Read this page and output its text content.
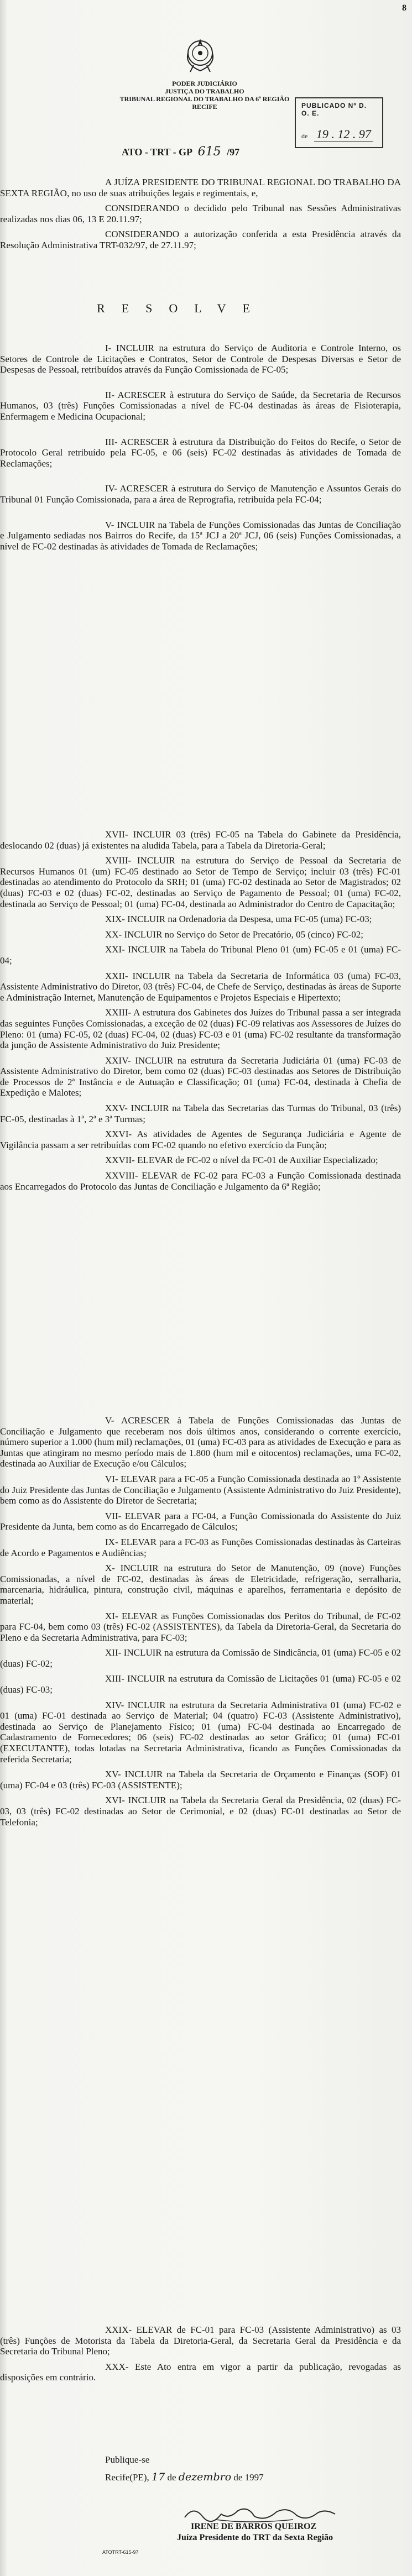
8
PODER JUDICIÁRIO
JUSTIÇA DO TRABALHO
TRIBUNAL REGIONAL DO TRABALHO DA 6ª REGIÃO
RECIFE	PUBLICADO Nº D. O. E.
de 19 . 12 . 97
ATO - TRT - GP 615 /97

A JUÍZA PRESIDENTE DO TRIBUNAL REGIONAL DO TRABALHO DA SEXTA REGIÃO, no uso de suas atribuições legais e regimentais, e,

CONSIDERANDO o decidido pelo Tribunal nas Sessões Administrativas realizadas nos dias 06, 13 E 20.11.97;

CONSIDERANDO a autorização conferida a esta Presidência através da Resolução Administrativa TRT-032/97, de 27.11.97;

RESOLVE

I- INCLUIR na estrutura do Serviço de Auditoria e Controle Interno, os Setores de Controle de Licitações e Contratos, Setor de Controle de Despesas Diversas e Setor de Despesas de Pessoal, retribuídos através da Função Comissionada de FC-05;

II- ACRESCER à estrutura do Serviço de Saúde, da Secretaria de Recursos Humanos, 03 (três) Funções Comissionadas a nível de FC-04 destinadas às áreas de Fisioterapia, Enfermagem e Medicina Ocupacional;

III- ACRESCER à estrutura da Distribuição do Feitos do Recife, o Setor de Protocolo Geral retribuído pela FC-05, e 06 (seis) FC-02 destinadas às atividades de Tomada de Reclamações;

IV- ACRESCER à estrutura do Serviço de Manutenção e Assuntos Gerais do Tribunal 01 Função Comissionada, para a área de Reprografia, retribuída pela FC-04;

V- INCLUIR na Tabela de Funções Comissionadas das Juntas de Conciliação e Julgamento sediadas nos Bairros do Recife, da 15ª JCJ a 20ª JCJ, 06 (seis) Funções Comissionadas, a nível de FC-02 destinadas às atividades de Tomada de Reclamações;

XVII- INCLUIR 03 (três) FC-05 na Tabela do Gabinete da Presidência, deslocando 02 (duas) já existentes na aludida Tabela, para a Tabela da Diretoria-Geral;

XVIII- INCLUIR na estrutura do Serviço de Pessoal da Secretaria de Recursos Humanos 01 (um) FC-05 destinado ao Setor de Tempo de Serviço; incluir 03 (três) FC-01 destinadas ao atendimento do Protocolo da SRH; 01 (uma) FC-02 destinada ao Setor de Magistrados; 02 (duas) FC-03 e 02 (duas) FC-02, destinadas ao Serviço de Pagamento de Pessoal; 01 (uma) FC-02, destinada ao Serviço de Pessoal; 01 (uma) FC-04, destinada ao Administrador do Centro de Capacitação;

XIX- INCLUIR na Ordenadoria da Despesa, uma FC-05 (uma) FC-03;

XX- INCLUIR no Serviço do Setor de Precatório, 05 (cinco) FC-02;

XXI- INCLUIR na Tabela do Tribunal Pleno 01 (um) FC-05 e 01 (uma) FC-04;

XXII- INCLUIR na Tabela da Secretaria de Informática 03 (uma) FC-03, Assistente Administrativo do Diretor, 03 (três) FC-04, de Chefe de Serviço, destinadas às áreas de Suporte e Administração Internet, Manutenção de Equipamentos e Projetos Especiais e Hipertexto;

XXIII- A estrutura dos Gabinetes dos Juízes do Tribunal passa a ser integrada das seguintes Funções Comissionadas, a exceção de 02 (duas) FC-09 relativas aos Assessores de Juízes do Pleno: 01 (uma) FC-05, 02 (duas) FC-04, 02 (duas) FC-03 e 01 (uma) FC-02 resultante da transformação da junção de Assistente Administrativo do Juiz Presidente;

XXIV- INCLUIR na estrutura da Secretaria Judiciária 01 (uma) FC-03 de Assistente Administrativo do Diretor, bem como 02 (duas) FC-03 destinadas aos Setores de Distribuição de Processos de 2ª Instância e de Autuação e Classificação; 01 (uma) FC-04, destinada à Chefia de Expedição e Malotes;

XXV- INCLUIR na Tabela das Secretarias das Turmas do Tribunal, 03 (três) FC-05, destinadas à 1ª, 2ª e 3ª Turmas;

XXVI- As atividades de Agentes de Segurança Judiciária e Agente de Vigilância passam a ser retribuídas com FC-02 quando no efetivo exercício da Função;

XXVII- ELEVAR de FC-02 o nível da FC-01 de Auxiliar Especializado;

XXVIII- ELEVAR de FC-02 para FC-03 a Função Comissionada destinada aos Encarregados do Protocolo das Juntas de Conciliação e Julgamento da 6ª Região;

V- ACRESCER à Tabela de Funções Comissionadas das Juntas de Conciliação e Julgamento que receberam nos dois últimos anos, considerando o corrente exercício, número superior a 1.000 (hum mil) reclamações, 01 (uma) FC-03 para as atividades de Execução e para as Juntas que atingiram no mesmo período mais de 1.800 (hum mil e oitocentos) reclamações, uma FC-02, destinada ao Auxiliar de Execução e/ou Cálculos;

VI- ELEVAR para a FC-05 a Função Comissionada destinada ao 1º Assistente do Juiz Presidente das Juntas de Conciliação e Julgamento (Assistente Administrativo do Juiz Presidente), bem como as do Assistente do Diretor de Secretaria;

VII- ELEVAR para a FC-04, a Função Comissionada do Assistente do Juiz Presidente da Junta, bem como as do Encarregado de Cálculos;

IX- ELEVAR para a FC-03 as Funções Comissionadas destinadas às Carteiras de Acordo e Pagamentos e Audiências;

X- INCLUIR na estrutura do Setor de Manutenção, 09 (nove) Funções Comissionadas, a nível de FC-02, destinadas às áreas de Eletricidade, refrigeração, serralharia, marcenaria, hidráulica, pintura, construção civil, máquinas e aparelhos, ferramentaria e depósito de material;

XI- ELEVAR as Funções Comissionadas dos Peritos do Tribunal, de FC-02 para FC-04, bem como 03 (três) FC-02 (ASSISTENTES), da Tabela da Diretoria-Geral, da Secretaria do Pleno e da Secretaria Administrativa, para FC-03;

XII- INCLUIR na estrutura da Comissão de Sindicância, 01 (uma) FC-05 e 02 (duas) FC-02;

XIII- INCLUIR na estrutura da Comissão de Licitações 01 (uma) FC-05 e 02 (duas) FC-03;

XIV- INCLUIR na estrutura da Secretaria Administrativa 01 (uma) FC-02 e 01 (uma) FC-01 destinada ao Serviço de Material; 04 (quatro) FC-03 (Assistente Administrativo), destinada ao Serviço de Planejamento Físico; 01 (uma) FC-04 destinada ao Encarregado de Cadastramento de Fornecedores; 06 (seis) FC-02 destinadas ao setor Gráfico; 01 (uma) FC-01 (EXECUTANTE), todas lotadas na Secretaria Administrativa, ficando as Funções Comissionadas da referida Secretaria;

XV- INCLUIR na Tabela da Secretaria de Orçamento e Finanças (SOF) 01 (uma) FC-04 e 03 (três) FC-03 (ASSISTENTE);

XVI- INCLUIR na Tabela da Secretaria Geral da Presidência, 02 (duas) FC-03, 03 (três) FC-02 destinadas ao Setor de Cerimonial, e 02 (duas) FC-01 destinadas ao Setor de Telefonia;

XXIX- ELEVAR de FC-01 para FC-03 (Assistente Administrativo) as 03 (três) Funções de Motorista da Tabela da Diretoria-Geral, da Secretaria Geral da Presidência e da Secretaria do Tribunal Pleno;

XXX- Este Ato entra em vigor a partir da publicação, revogadas as disposições em contrário.

Publique-se
Recife(PE), 17 de dezembro de 1997
IRENE DE BARROS QUEIROZ
Juíza Presidente do TRT da Sexta Região
ATOTRT-615-97
